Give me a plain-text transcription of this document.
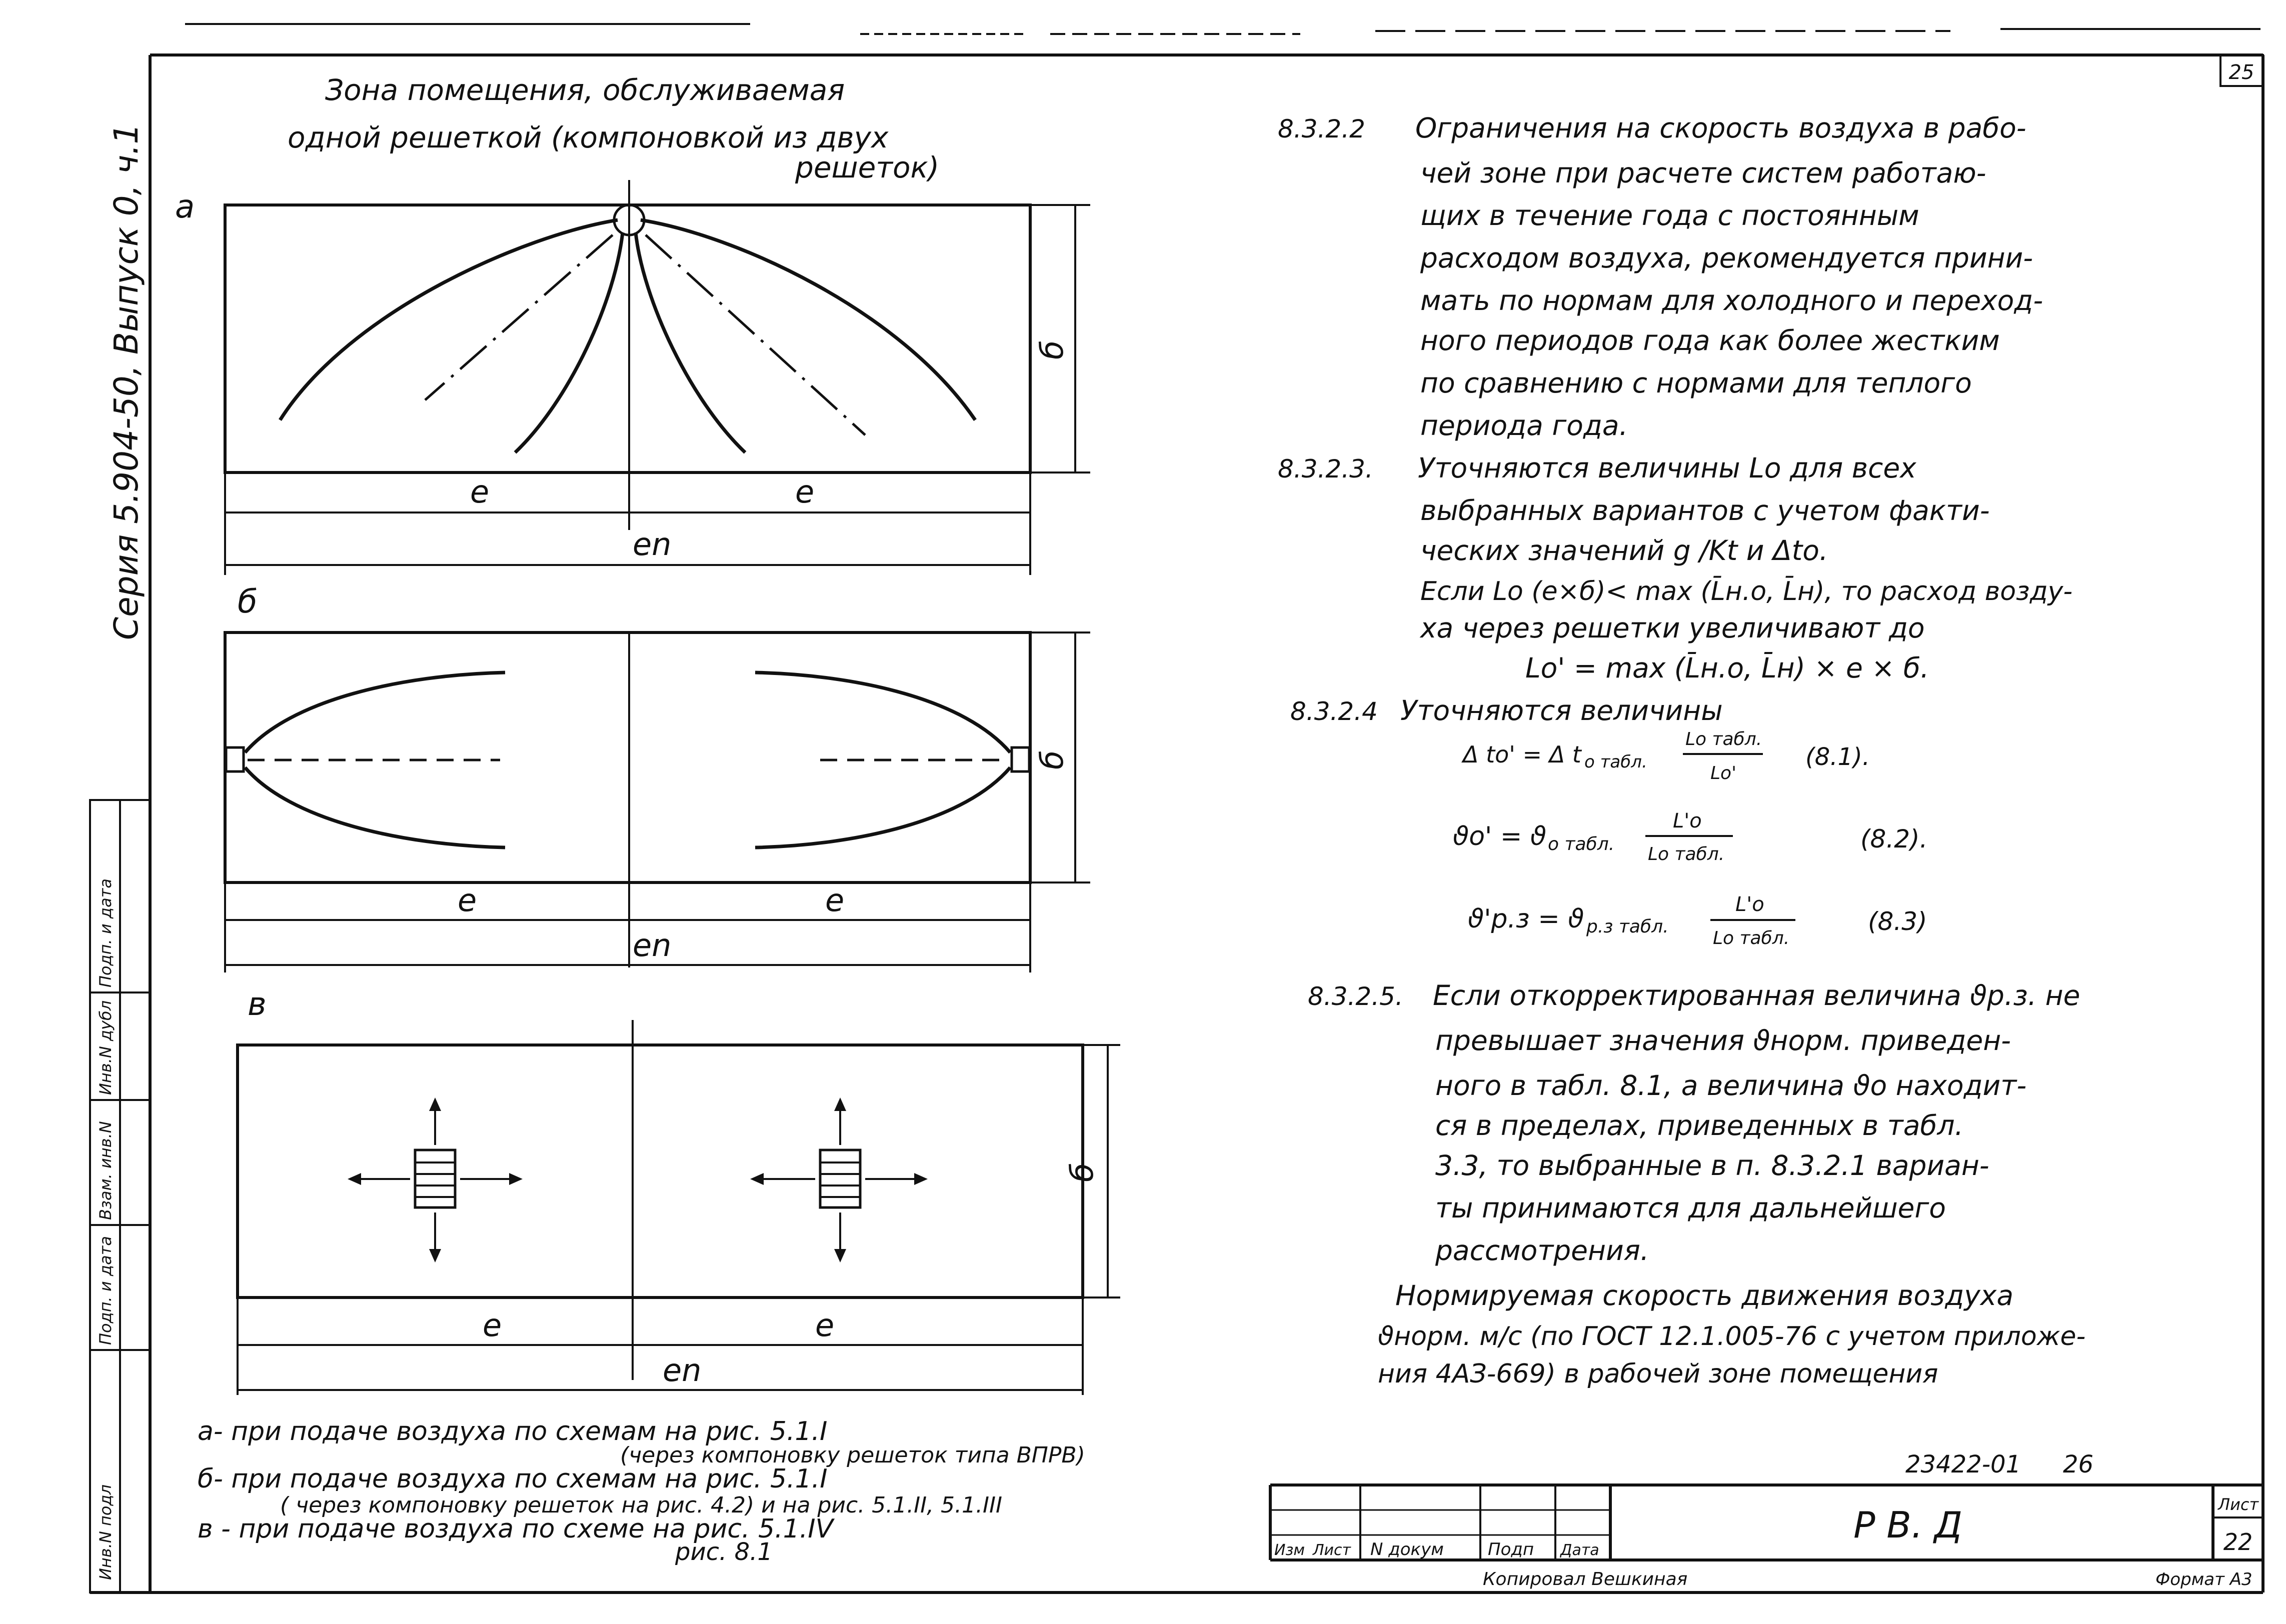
25
Серия 5.904-50, Выпуск 0, ч.1
Инв.N подл
Подп. и дата
Взам. инв.N
Инв.N дубл
Подп. и дата
Зона помещения, обслуживаемая
одной решеткой (компоновкой из двух
решеток)
а
б
e	e
en
б
б
e	e
en
в
б
e	e
en
а- при подаче воздуха по схемам на рис. 5.1.I
(через компоновку решеток типа ВПРВ)
б- при подаче воздуха по схемам на рис. 5.1.I
( через компоновку решеток на рис. 4.2) и на рис. 5.1.II, 5.1.III
в - при подаче воздуха по схеме на рис. 5.1.IV
рис. 8.1
8.3.2.2 Ограничения на скорость воздуха в рабо-
чей зоне при расчете систем работаю-
щих в течение года с постоянным
расходом воздуха, рекомендуется прини-
мать по нормам для холодного и переход-
ного периодов года как более жестким
по сравнению с нормами для теплого
периода года.
8.3.2.3. Уточняются величины Lo для всех
выбранных вариантов с учетом факти-
ческих значений g /Kt и Δto.
Если Lo (e×б)< max (L̄н.о, L̄н), то расход возду-
ха через решетки увеличивают до
Lo' = max (L̄н.о, L̄н) × e × б.
8.3.2.4 Уточняются величины
Δ to' = Δ t о табл.
Lo табл.
Lo'
(8.1).
ϑo' = ϑ о табл.
L'o
Lo табл.
(8.2).
ϑ'р.з = ϑ р.з табл.
L'o
Lo табл.
(8.3)
8.3.2.5. Если откорректированная величина ϑр.з. не
превышает значения ϑнорм. приведен-
ного в табл. 8.1, а величина ϑo находит-
ся в пределах, приведенных в табл.
3.3, то выбранные в п. 8.3.2.1 вариан-
ты принимаются для дальнейшего
рассмотрения.
Нормируемая скорость движения воздуха
ϑнорм. м/с (по ГОСТ 12.1.005-76 с учетом приложе-
ния 4АЗ-669) в рабочей зоне помещения
23422-01 26
Изм Лист N докум	Подп Дата
Р В. Д	Лист
22
Копировал Вешкиная	Формат А3
